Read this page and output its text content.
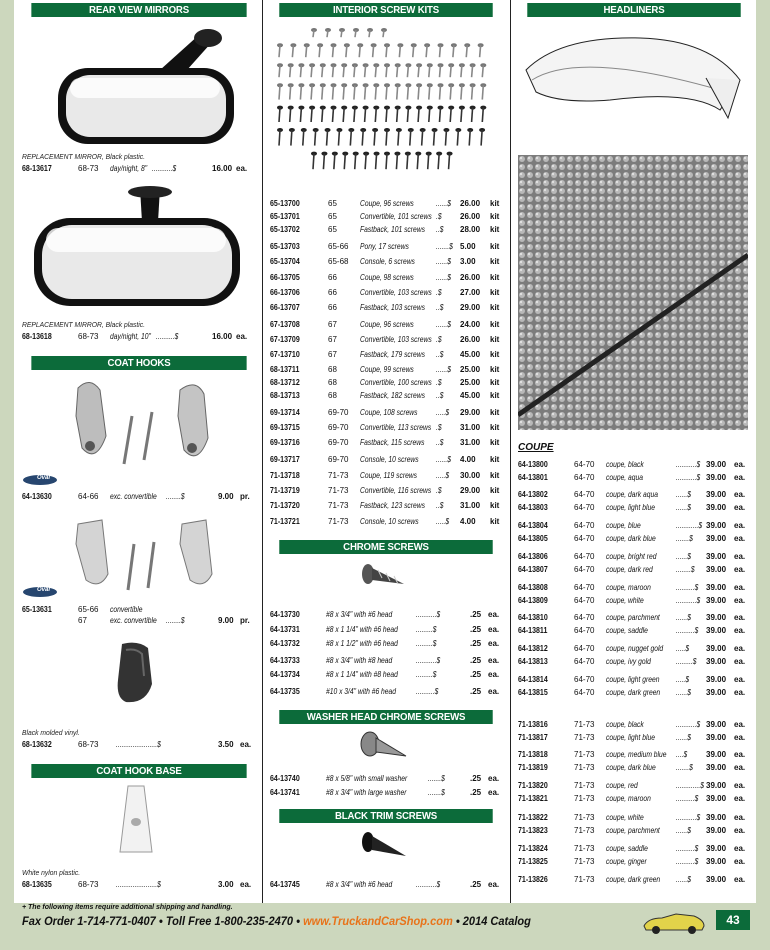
REAR VIEW MIRRORS
REPLACEMENT MIRROR, Black plastic.
68-13617	68-73 day/night, 8" ...........$	16.00 ea.
REPLACEMENT MIRROR, Black plastic.
68-13618	68-73 day/night, 10" ..........$	16.00 ea.
COAT HOOKS
Oval
64-13630	64-66 exc. convertible ........$	9.00 pr.
Oval
65-13631	65-66 convertible
67	exc. convertible ........$	9.00 pr.
Black molded vinyl.
68-13632	68-73 ......................$	3.50 ea.
COAT HOOK BASE
White nylon plastic.
68-13635	68-73 ......................$	3.00 ea.
INTERIOR SCREW KITS
65-13700	65	Coupe, 96 screws	......$ 26.00 kit
65-13701	65	Convertible, 101 screws .$ 26.00 kit
65-13702	65	Fastback, 101 screws ..$ 28.00 kit
65-13703	65-66 Pony, 17 screws	.......$ 5.00 kit
65-13704	65-68 Console, 6 screws	......$ 3.00 kit
66-13705	66	Coupe, 98 screws	......$ 26.00 kit
66-13706	66	Convertible, 103 screws .$ 27.00 kit
66-13707	66	Fastback, 103 screws ..$ 29.00 kit
67-13708	67	Coupe, 96 screws	......$ 24.00 kit
67-13709	67	Convertible, 103 screws .$ 26.00 kit
67-13710	67	Fastback, 179 screws ..$ 45.00 kit
68-13711	68	Coupe, 99 screws	......$ 25.00 kit
68-13712	68	Convertible, 100 screws .$ 25.00 kit
68-13713	68	Fastback, 182 screws ..$ 45.00 kit
69-13714	69-70 Coupe, 108 screws .....$ 29.00 kit
69-13715	69-70 Convertible, 113 screws .$ 31.00 kit
69-13716	69-70 Fastback, 115 screws ..$ 31.00 kit
69-13717	69-70 Console, 10 screws ......$ 4.00 kit
71-13718	71-73 Coupe, 119 screws .....$ 30.00 kit
71-13719	71-73 Convertible, 116 screws .$ 29.00 kit
71-13720	71-73 Fastback, 123 screws ..$ 31.00 kit
71-13721	71-73 Console, 10 screws .....$ 4.00 kit
CHROME SCREWS
64-13730	#8 x 3/4" with #6 head	...........$	.25 ea.
64-13731	#8 x 1 1/4" with #6 head .........$	.25 ea.
64-13732	#8 x 1 1/2" with #6 head .........$	.25 ea.
64-13733	#8 x 3/4" with #8 head	...........$	.25 ea.
64-13734	#8 x 1 1/4" with #8 head .........$	.25 ea.
64-13735	#10 x 3/4" with #6 head ..........$	.25 ea.
WASHER HEAD CHROME SCREWS
64-13740	#8 x 5/8" with small washer	.......$	.25 ea.
64-13741	#8 x 3/4" with large washer	.......$	.25 ea.
BLACK TRIM SCREWS
64-13745	#8 x 3/4" with #6 head	...........$	.25 ea.
HEADLINERS
COUPE
64-13800	64-70 coupe, black	...........$ 39.00 ea.
64-13801	64-70 coupe, aqua	...........$ 39.00 ea.
64-13802	64-70 coupe, dark aqua ......$ 39.00 ea.
64-13803	64-70 coupe, light blue	......$ 39.00 ea.
64-13804	64-70 coupe, blue	............$ 39.00 ea.
64-13805	64-70 coupe, dark blue	.......$ 39.00 ea.
64-13806	64-70 coupe, bright red ......$ 39.00 ea.
64-13807	64-70 coupe, dark red	........$ 39.00 ea.
64-13808	64-70 coupe, maroon	..........$ 39.00 ea.
64-13809	64-70 coupe, white	...........$ 39.00 ea.
64-13810	64-70 coupe, parchment ......$ 39.00 ea.
64-13811	64-70 coupe, saddle	..........$ 39.00 ea.
64-13812	64-70 coupe, nugget gold .....$ 39.00 ea.
64-13813	64-70 coupe, ivy gold	.........$ 39.00 ea.
64-13814	64-70 coupe, light green .....$ 39.00 ea.
64-13815	64-70 coupe, dark green ......$ 39.00 ea.
71-13816	71-73 coupe, black	...........$ 39.00 ea.
71-13817	71-73 coupe, light blue	......$ 39.00 ea.
71-13818	71-73 coupe, medium blue ....$ 39.00 ea.
71-13819	71-73 coupe, dark blue	.......$ 39.00 ea.
71-13820	71-73 coupe, red	.............$ 39.00 ea.
71-13821	71-73 coupe, maroon	..........$ 39.00 ea.
71-13822	71-73 coupe, white	...........$ 39.00 ea.
71-13823	71-73 coupe, parchment ......$ 39.00 ea.
71-13824	71-73 coupe, saddle	..........$ 39.00 ea.
71-13825	71-73 coupe, ginger	..........$ 39.00 ea.
71-13826	71-73 coupe, dark green ......$ 39.00 ea.
+ The following items require additional shipping and handling.
Fax Order 1-714-771-0407 • Toll Free 1-800-235-2470 • www.TruckandCarShop.com • 2014 Catalog	43
